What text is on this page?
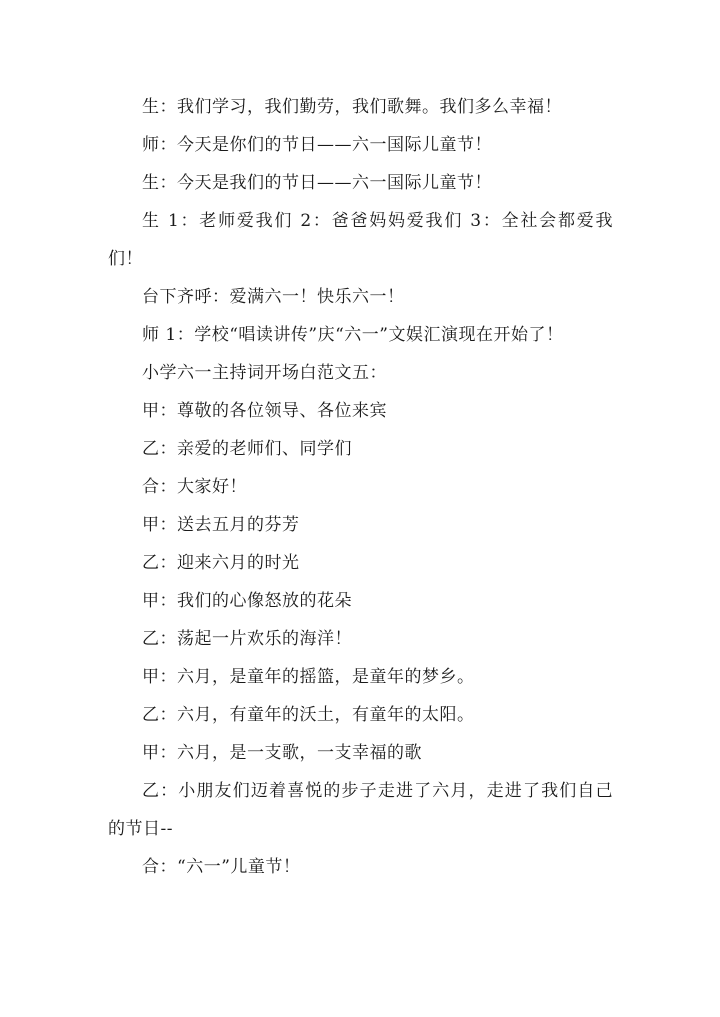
生：我们学习，我们勤劳，我们歌舞。我们多么幸福！

师：今天是你们的节日——六一国际儿童节！

生：今天是我们的节日——六一国际儿童节！

生 1：老师爱我们 2：爸爸妈妈爱我们 3：全社会都爱我们！

台下齐呼：爱满六一！快乐六一！

师 1：学校“唱读讲传”庆“六一”文娱汇演现在开始了！

小学六一主持词开场白范文五：

甲：尊敬的各位领导、各位来宾

乙：亲爱的老师们、同学们

合：大家好！

甲：送去五月的芬芳

乙：迎来六月的时光

甲：我们的心像怒放的花朵

乙：荡起一片欢乐的海洋！

甲：六月，是童年的摇篮，是童年的梦乡。

乙：六月，有童年的沃土，有童年的太阳。

甲：六月，是一支歌，一支幸福的歌

乙：小朋友们迈着喜悦的步子走进了六月，走进了我们自己的节日--

合：“六一”儿童节！
